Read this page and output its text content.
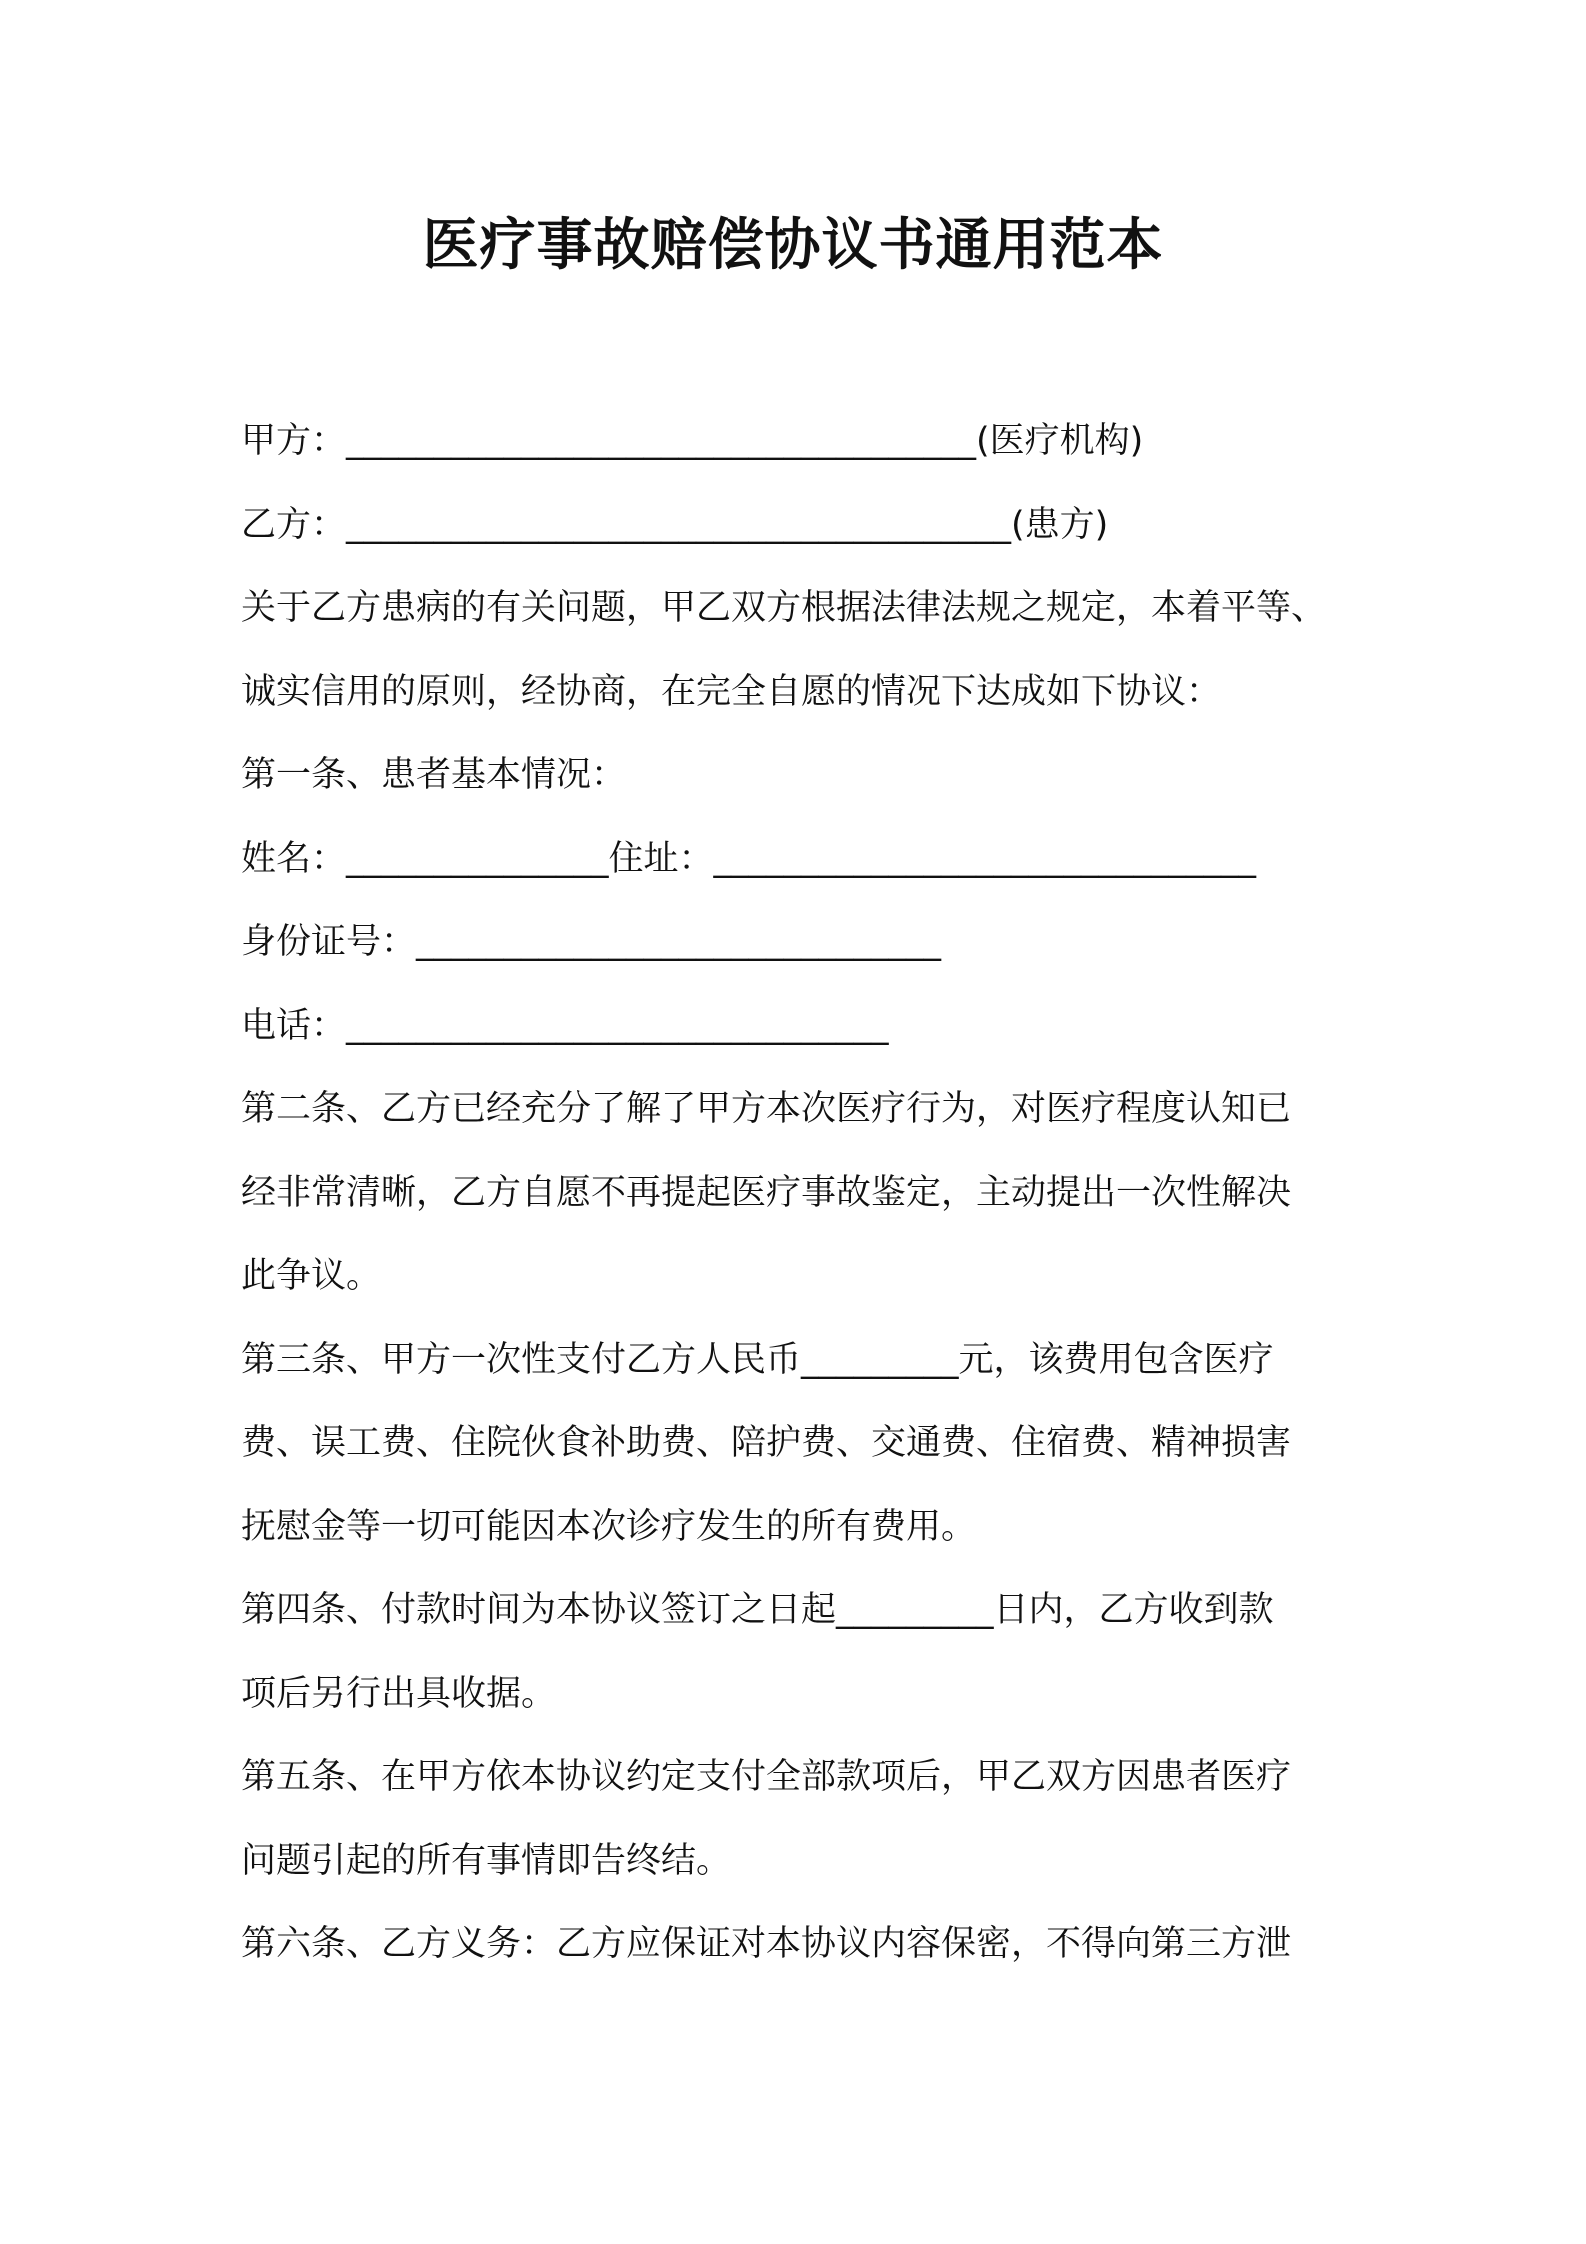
医疗事故赔偿协议书通用范本
甲方：____________________________________(医疗机构)
乙方：______________________________________(患方)
关于乙方患病的有关问题，甲乙双方根据法律法规之规定，本着平等、
诚实信用的原则，经协商，在完全自愿的情况下达成如下协议：
第一条、患者基本情况：
姓名：_______________住址：_______________________________
身份证号：______________________________
电话：_______________________________
第二条、乙方已经充分了解了甲方本次医疗行为，对医疗程度认知已
经非常清晰，乙方自愿不再提起医疗事故鉴定，主动提出一次性解决
此争议。
第三条、甲方一次性支付乙方人民币_________元，该费用包含医疗
费、误工费、住院伙食补助费、陪护费、交通费、住宿费、精神损害
抚慰金等一切可能因本次诊疗发生的所有费用。
第四条、付款时间为本协议签订之日起_________日内，乙方收到款
项后另行出具收据。
第五条、在甲方依本协议约定支付全部款项后，甲乙双方因患者医疗
问题引起的所有事情即告终结。
第六条、乙方义务：乙方应保证对本协议内容保密，不得向第三方泄
